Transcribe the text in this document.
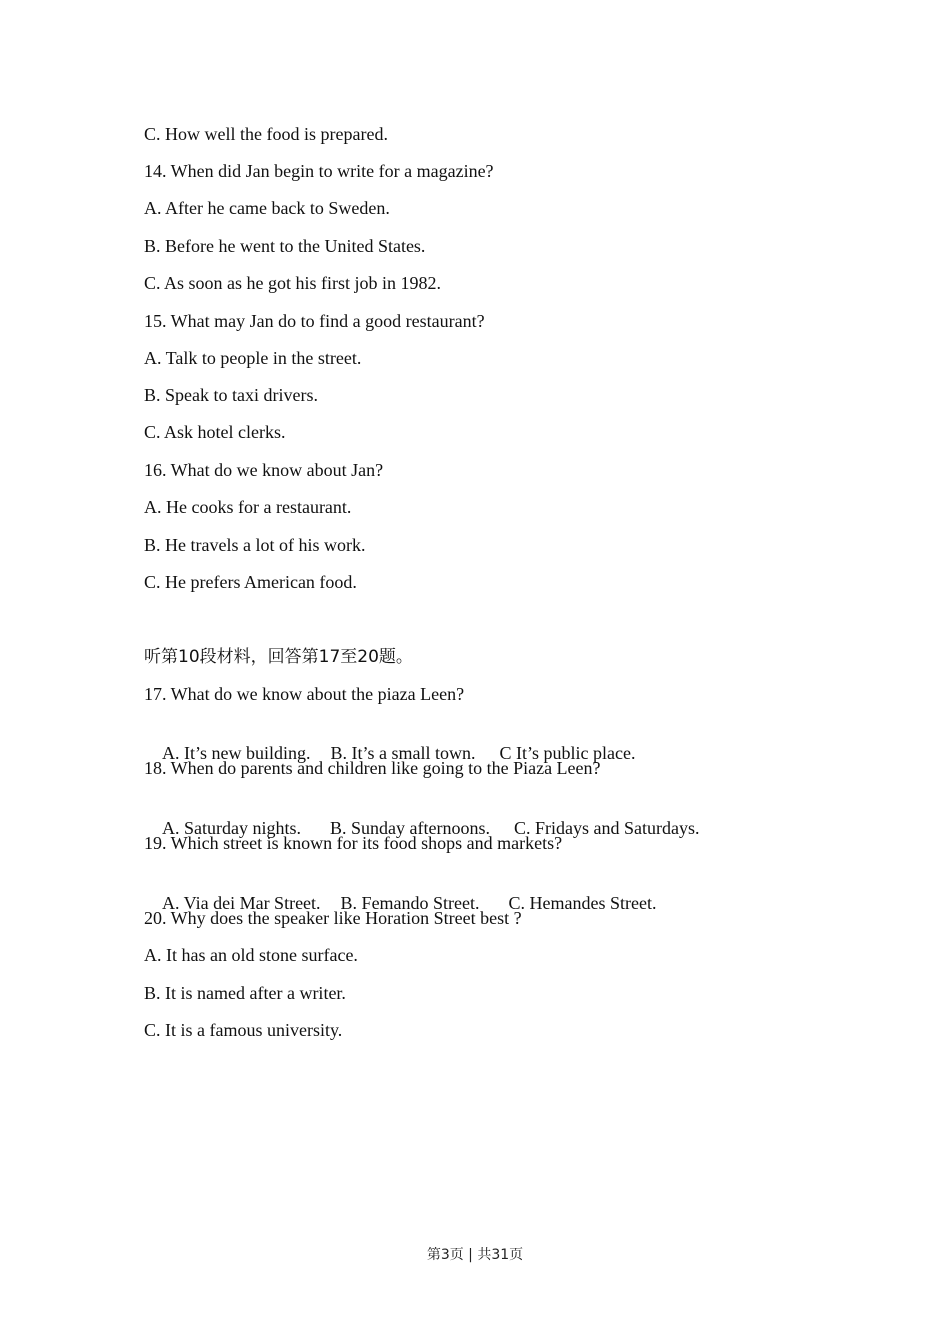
C. How well the food is prepared.
14. When did Jan begin to write for a magazine?
A. After he came back to Sweden.
B. Before he went to the United States.
C. As soon as he got his first job in 1982.
15. What may Jan do to find a good restaurant?
A. Talk to people in the street.
B. Speak to taxi drivers.
C. Ask hotel clerks.
16. What do we know about Jan?
A. He cooks for a restaurant.
B. He travels a lot of his work.
C. He prefers American food.
听第10段材料，回答第17至20题。
17. What do we know about the piaza Leen?

A. It’s new building. B. It’s a small town. C It’s public place.

18. When do parents and children like going to the Piaza Leen?

A. Saturday nights. B. Sunday afternoons. C. Fridays and Saturdays.

19. Which street is known for its food shops and markets?

A. Via dei Mar Street. B. Femando Street. C. Hemandes Street.

20. Why does the speaker like Horation Street best ?
A. It has an old stone surface.
B. It is named after a writer.
C. It is a famous university.
第3页 | 共31页
